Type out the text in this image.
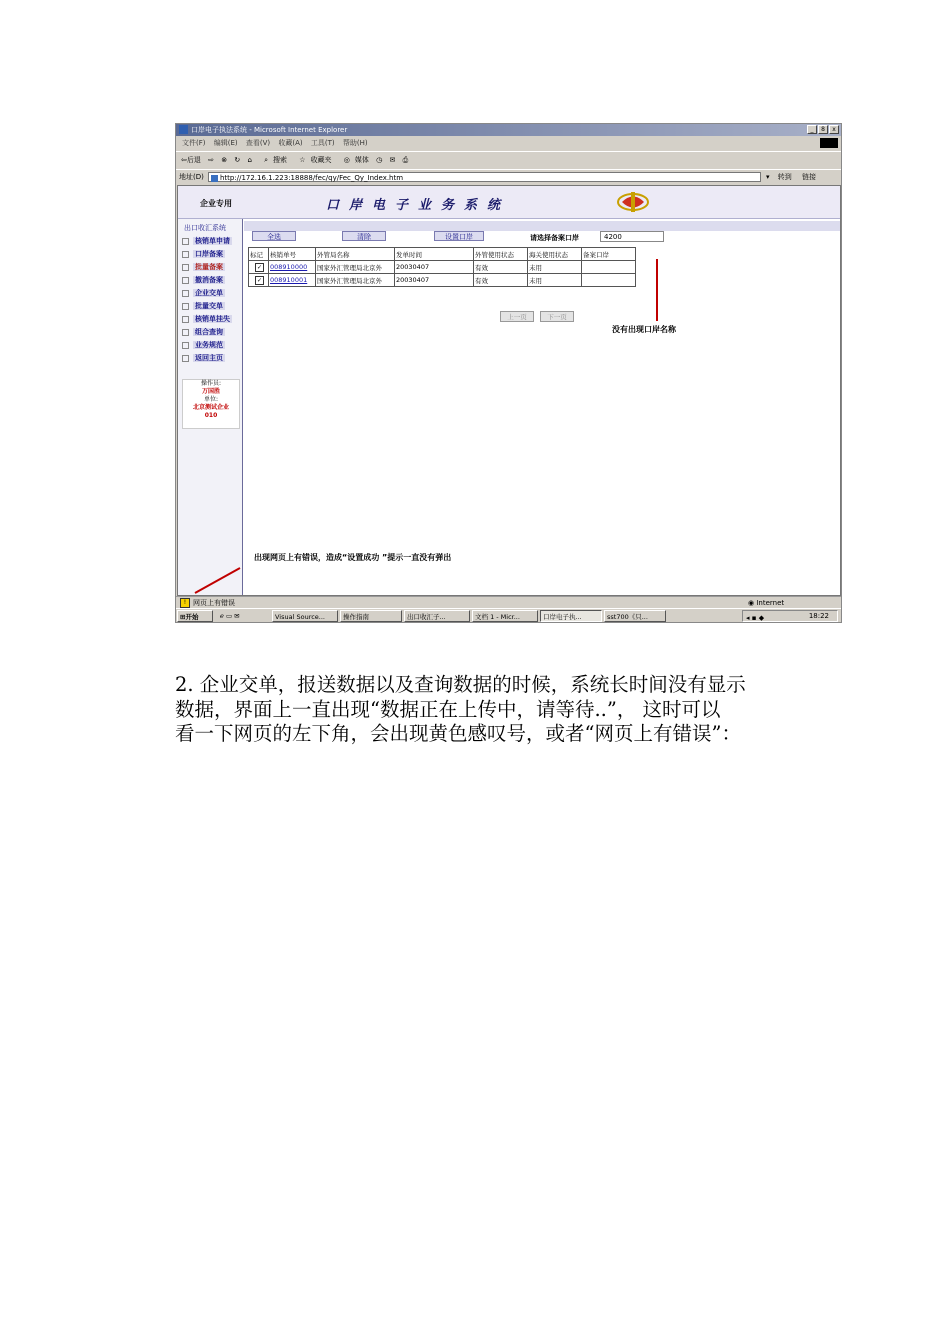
口岸电子执法系统 - Microsoft Internet Explorer	_	8	x
文件(F) 编辑(E) 查看(V) 收藏(A) 工具(T) 帮助(H)
⇦后退 ⇨ ⊗ ↻ ⌂ ⌕ 搜索 ☆ 收藏夹 ◎ 媒体 ◷ ✉ ⎙
地址(D)	http://172.16.1.223:18888/fec/qy/Fec_Qy_Index.htm	▾ 转到 链接
企业专用	口岸电子业务系统
出口收汇系统
核销单申请
口岸备案
批量备案
撤消备案
企业交单
批量交单
核销单挂失
组合查询
业务规范
返回主页
操作员:
万国胜
单位:
北京测试企业
010
全选	清除	设置口岸	请选择备案口岸	4200
标记	核销单号	外管局名称	发单时间	外管使用状态	海关使用状态	备案口岸
✓	008910000	国家外汇管理局北京外	20030407	有效	未用	
✓	008910001	国家外汇管理局北京外	20030407	有效	未用	
上一页	下一页
没有出现口岸名称
出现网页上有错误，造成“设置成功 ”提示一直没有弹出
! 网页上有错误	◉ Internet
⊞开始	ℯ ▭ ✉	Visual Source...	操作指南	出口收汇子...	文档 1 - Micr...	口岸电子执...	sst700《只...	◂ ▪ ◆	18:22
2. 企业交单，报送数据以及查询数据的时候，系统长时间没有显示
数据，界面上一直出现“数据正在上传中，请等待..”， 这时可以
看一下网页的左下角，会出现黄色感叹号，或者“网页上有错误”：
